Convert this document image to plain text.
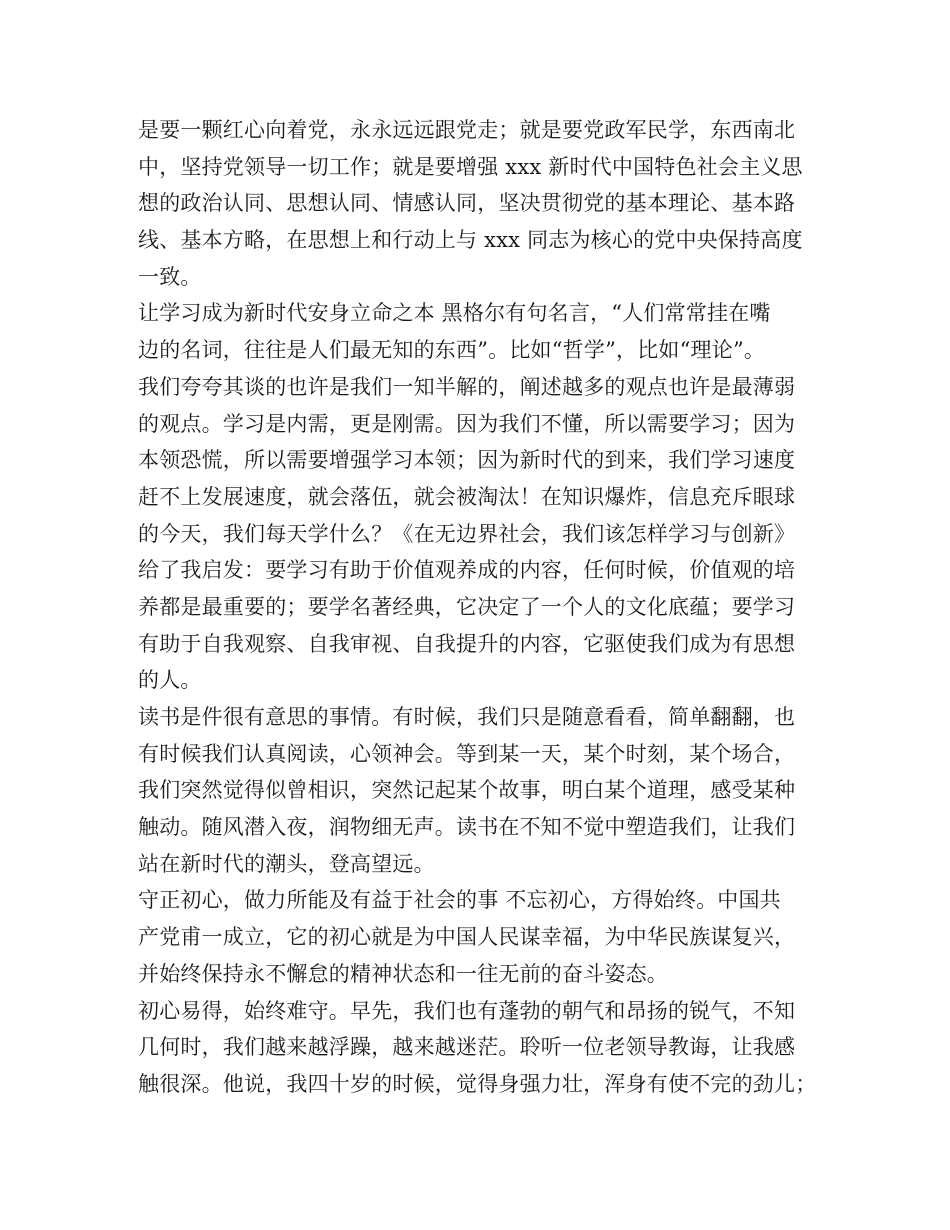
是要一颗红心向着党，永永远远跟党走；就是要党政军民学，东西南北
中，坚持党领导一切工作；就是要增强 xxx 新时代中国特色社会主义思
想的政治认同、思想认同、情感认同，坚决贯彻党的基本理论、基本路
线、基本方略，在思想上和行动上与 xxx 同志为核心的党中央保持高度
一致。
让学习成为新时代安身立命之本 黑格尔有句名言，“人们常常挂在嘴
边的名词，往往是人们最无知的东西”。比如“哲学”，比如“理论”。
我们夸夸其谈的也许是我们一知半解的，阐述越多的观点也许是最薄弱
的观点。学习是内需，更是刚需。因为我们不懂，所以需要学习；因为
本领恐慌，所以需要增强学习本领；因为新时代的到来，我们学习速度
赶不上发展速度，就会落伍，就会被淘汰！在知识爆炸，信息充斥眼球
的今天，我们每天学什么？《在无边界社会，我们该怎样学习与创新》
给了我启发：要学习有助于价值观养成的内容，任何时候，价值观的培
养都是最重要的；要学名著经典，它决定了一个人的文化底蕴；要学习
有助于自我观察、自我审视、自我提升的内容，它驱使我们成为有思想
的人。
读书是件很有意思的事情。有时候，我们只是随意看看，简单翻翻，也
有时候我们认真阅读，心领神会。等到某一天，某个时刻，某个场合，
我们突然觉得似曾相识，突然记起某个故事，明白某个道理，感受某种
触动。随风潜入夜，润物细无声。读书在不知不觉中塑造我们，让我们
站在新时代的潮头，登高望远。
守正初心，做力所能及有益于社会的事 不忘初心，方得始终。中国共
产党甫一成立，它的初心就是为中国人民谋幸福，为中华民族谋复兴，
并始终保持永不懈怠的精神状态和一往无前的奋斗姿态。
初心易得，始终难守。早先，我们也有蓬勃的朝气和昂扬的锐气，不知
几何时，我们越来越浮躁，越来越迷茫。聆听一位老领导教诲，让我感
触很深。他说，我四十岁的时候，觉得身强力壮，浑身有使不完的劲儿；
